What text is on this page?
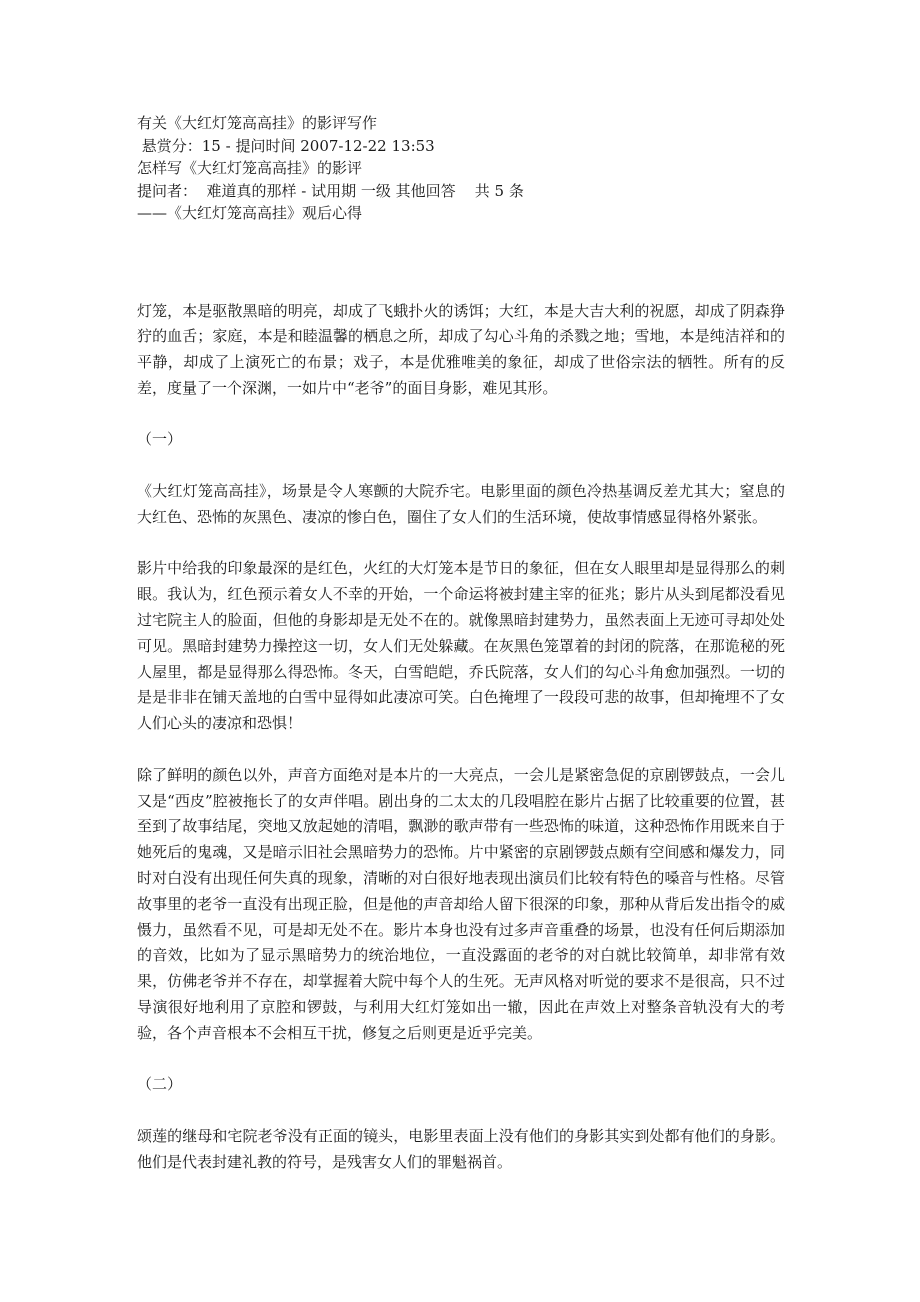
有关《大红灯笼高高挂》的影评写作

悬赏分：15 - 提问时间 2007-12-22 13:53

怎样写《大红灯笼高高挂》的影评

提问者：  难道真的那样 - 试用期 一级 其他回答    共 5 条

——《大红灯笼高高挂》观后心得

灯笼，本是驱散黑暗的明亮，却成了飞蛾扑火的诱饵；大红，本是大吉大利的祝愿，却成了阴森狰狞的血舌；家庭，本是和睦温馨的栖息之所，却成了勾心斗角的杀戮之地；雪地，本是纯洁祥和的平静，却成了上演死亡的布景；戏子，本是优雅唯美的象征，却成了世俗宗法的牺牲。所有的反差，度量了一个深渊，一如片中“老爷”的面目身影，难见其形。

（一）

《大红灯笼高高挂》，场景是令人寒颤的大院乔宅。电影里面的颜色冷热基调反差尤其大；窒息的大红色、恐怖的灰黑色、凄凉的惨白色，圈住了女人们的生活环境，使故事情感显得格外紧张。

影片中给我的印象最深的是红色，火红的大灯笼本是节日的象征，但在女人眼里却是显得那么的刺眼。我认为，红色预示着女人不幸的开始，一个命运将被封建主宰的征兆；影片从头到尾都没看见过宅院主人的脸面，但他的身影却是无处不在的。就像黑暗封建势力，虽然表面上无迹可寻却处处可见。黑暗封建势力操控这一切，女人们无处躲藏。在灰黑色笼罩着的封闭的院落，在那诡秘的死人屋里，都是显得那么得恐怖。冬天，白雪皑皑，乔氏院落，女人们的勾心斗角愈加强烈。一切的是是非非在铺天盖地的白雪中显得如此凄凉可笑。白色掩埋了一段段可悲的故事，但却掩埋不了女人们心头的凄凉和恐惧！

除了鲜明的颜色以外，声音方面绝对是本片的一大亮点，一会儿是紧密急促的京剧锣鼓点，一会儿又是“西皮”腔被拖长了的女声伴唱。剧出身的二太太的几段唱腔在影片占据了比较重要的位置，甚至到了故事结尾，突地又放起她的清唱，飘渺的歌声带有一些恐怖的味道，这种恐怖作用既来自于她死后的鬼魂，又是暗示旧社会黑暗势力的恐怖。片中紧密的京剧锣鼓点颇有空间感和爆发力，同时对白没有出现任何失真的现象，清晰的对白很好地表现出演员们比较有特色的嗓音与性格。尽管故事里的老爷一直没有出现正脸，但是他的声音却给人留下很深的印象，那种从背后发出指令的威慑力，虽然看不见，可是却无处不在。影片本身也没有过多声音重叠的场景，也没有任何后期添加的音效，比如为了显示黑暗势力的统治地位，一直没露面的老爷的对白就比较简单，却非常有效果，仿佛老爷并不存在，却掌握着大院中每个人的生死。无声风格对听觉的要求不是很高，只不过导演很好地利用了京腔和锣鼓，与利用大红灯笼如出一辙，因此在声效上对整条音轨没有大的考验，各个声音根本不会相互干扰，修复之后则更是近乎完美。

（二）

颂莲的继母和宅院老爷没有正面的镜头，电影里表面上没有他们的身影其实到处都有他们的身影。他们是代表封建礼教的符号，是残害女人们的罪魁祸首。
